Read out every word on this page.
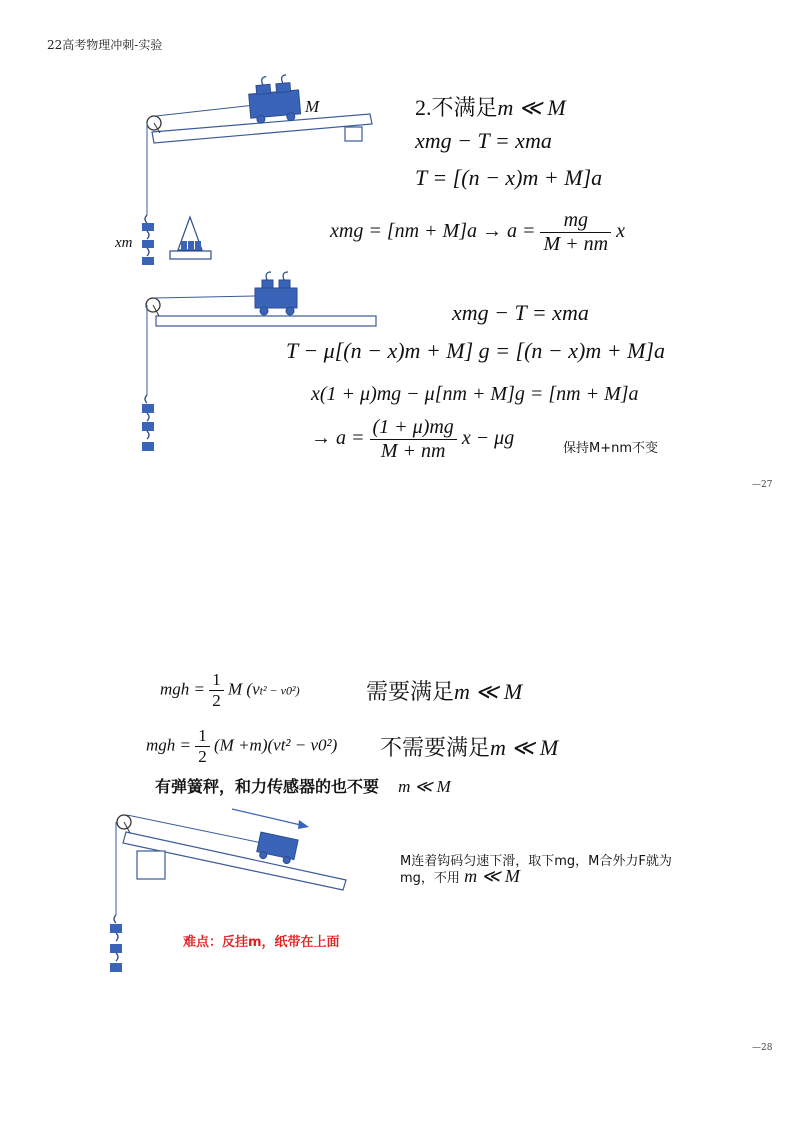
22高考物理冲刺-实验
M
xm
2.不满足m ≪ M
xmg − T = xma
T = [(n − x)m + M]a
xmg = $[nm + M]a \to a = \frac{mg}{M + nm}$ x
xmg − T = xma
T − μ[(n − x)m + M] g = [(n − x)m + M]a
x(1 + μ)mg − μ[nm + M]g = [nm + M]a
→ $a = \frac{(1 + \mu)mg}{M + nm}$ x − μg	保持M+nm不变
—27
mgh = $\frac{1}{2}$ M (vt² − v0²)	需要满足m ≪ M
mgh = $\frac{1}{2} (M +m)(vt^2 - v0^2)$ 不需要满足m ≪ M
有弹簧秤，和力传感器的也不要 m ≪ M
M连着钩码匀速下滑，取下mg，M合外力F就为
mg，不用 m ≪ M
难点：反挂m，纸带在上面
—28
